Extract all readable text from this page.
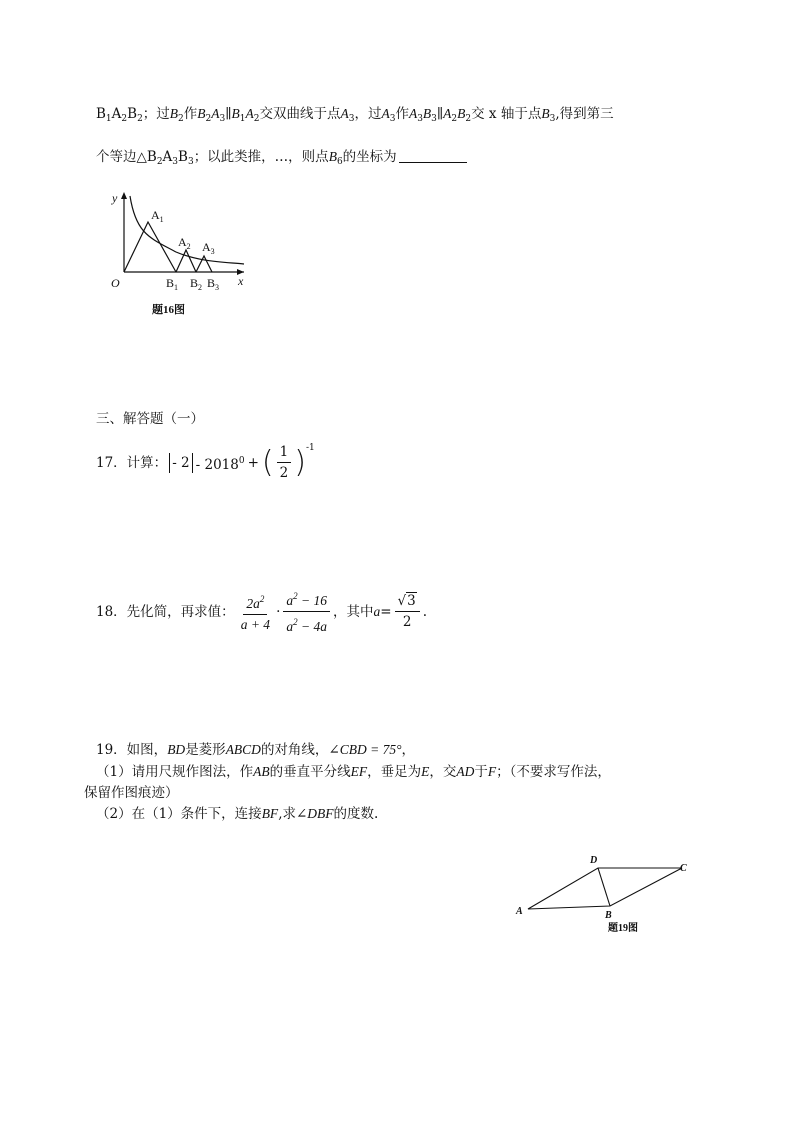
$B_1A_2B_2$；过$B_2$作$B_2A_3\parallel B_1A_2$交双曲线于点$A_3$，过$A_3$作$A_3B_3\parallel A_2B_2$交 x 轴于点$B_3$,得到第三
个等边$\triangle B_2A_3B_3$；以此类推，…，则点$B_6$的坐标为
y
x
O
$A_1$
$A_2$ $A_3$
$B_1$ $B_2$ $B_3$
题16图
三、解答题（一）
17．计算： - $2 - 2018^0$ + ( $\frac{1}{2} )^{-1}$
18．先化简，再求值： $\frac{2a^2}{a + 4} \cdot \frac{a^2 - 16}{a^2 - 4a}$ ，其中 $a = \frac{√3}{2}$ .
19．如图，BD是菱形ABCD的对角线，∠CBD = 75°，
（1）请用尺规作图法，作AB的垂直平分线EF，垂足为E，交AD于F；（不要求写作法，
保留作图痕迹）
（2）在（1）条件下，连接BF,求∠DBF的度数.
A	B
C
D
题19图
